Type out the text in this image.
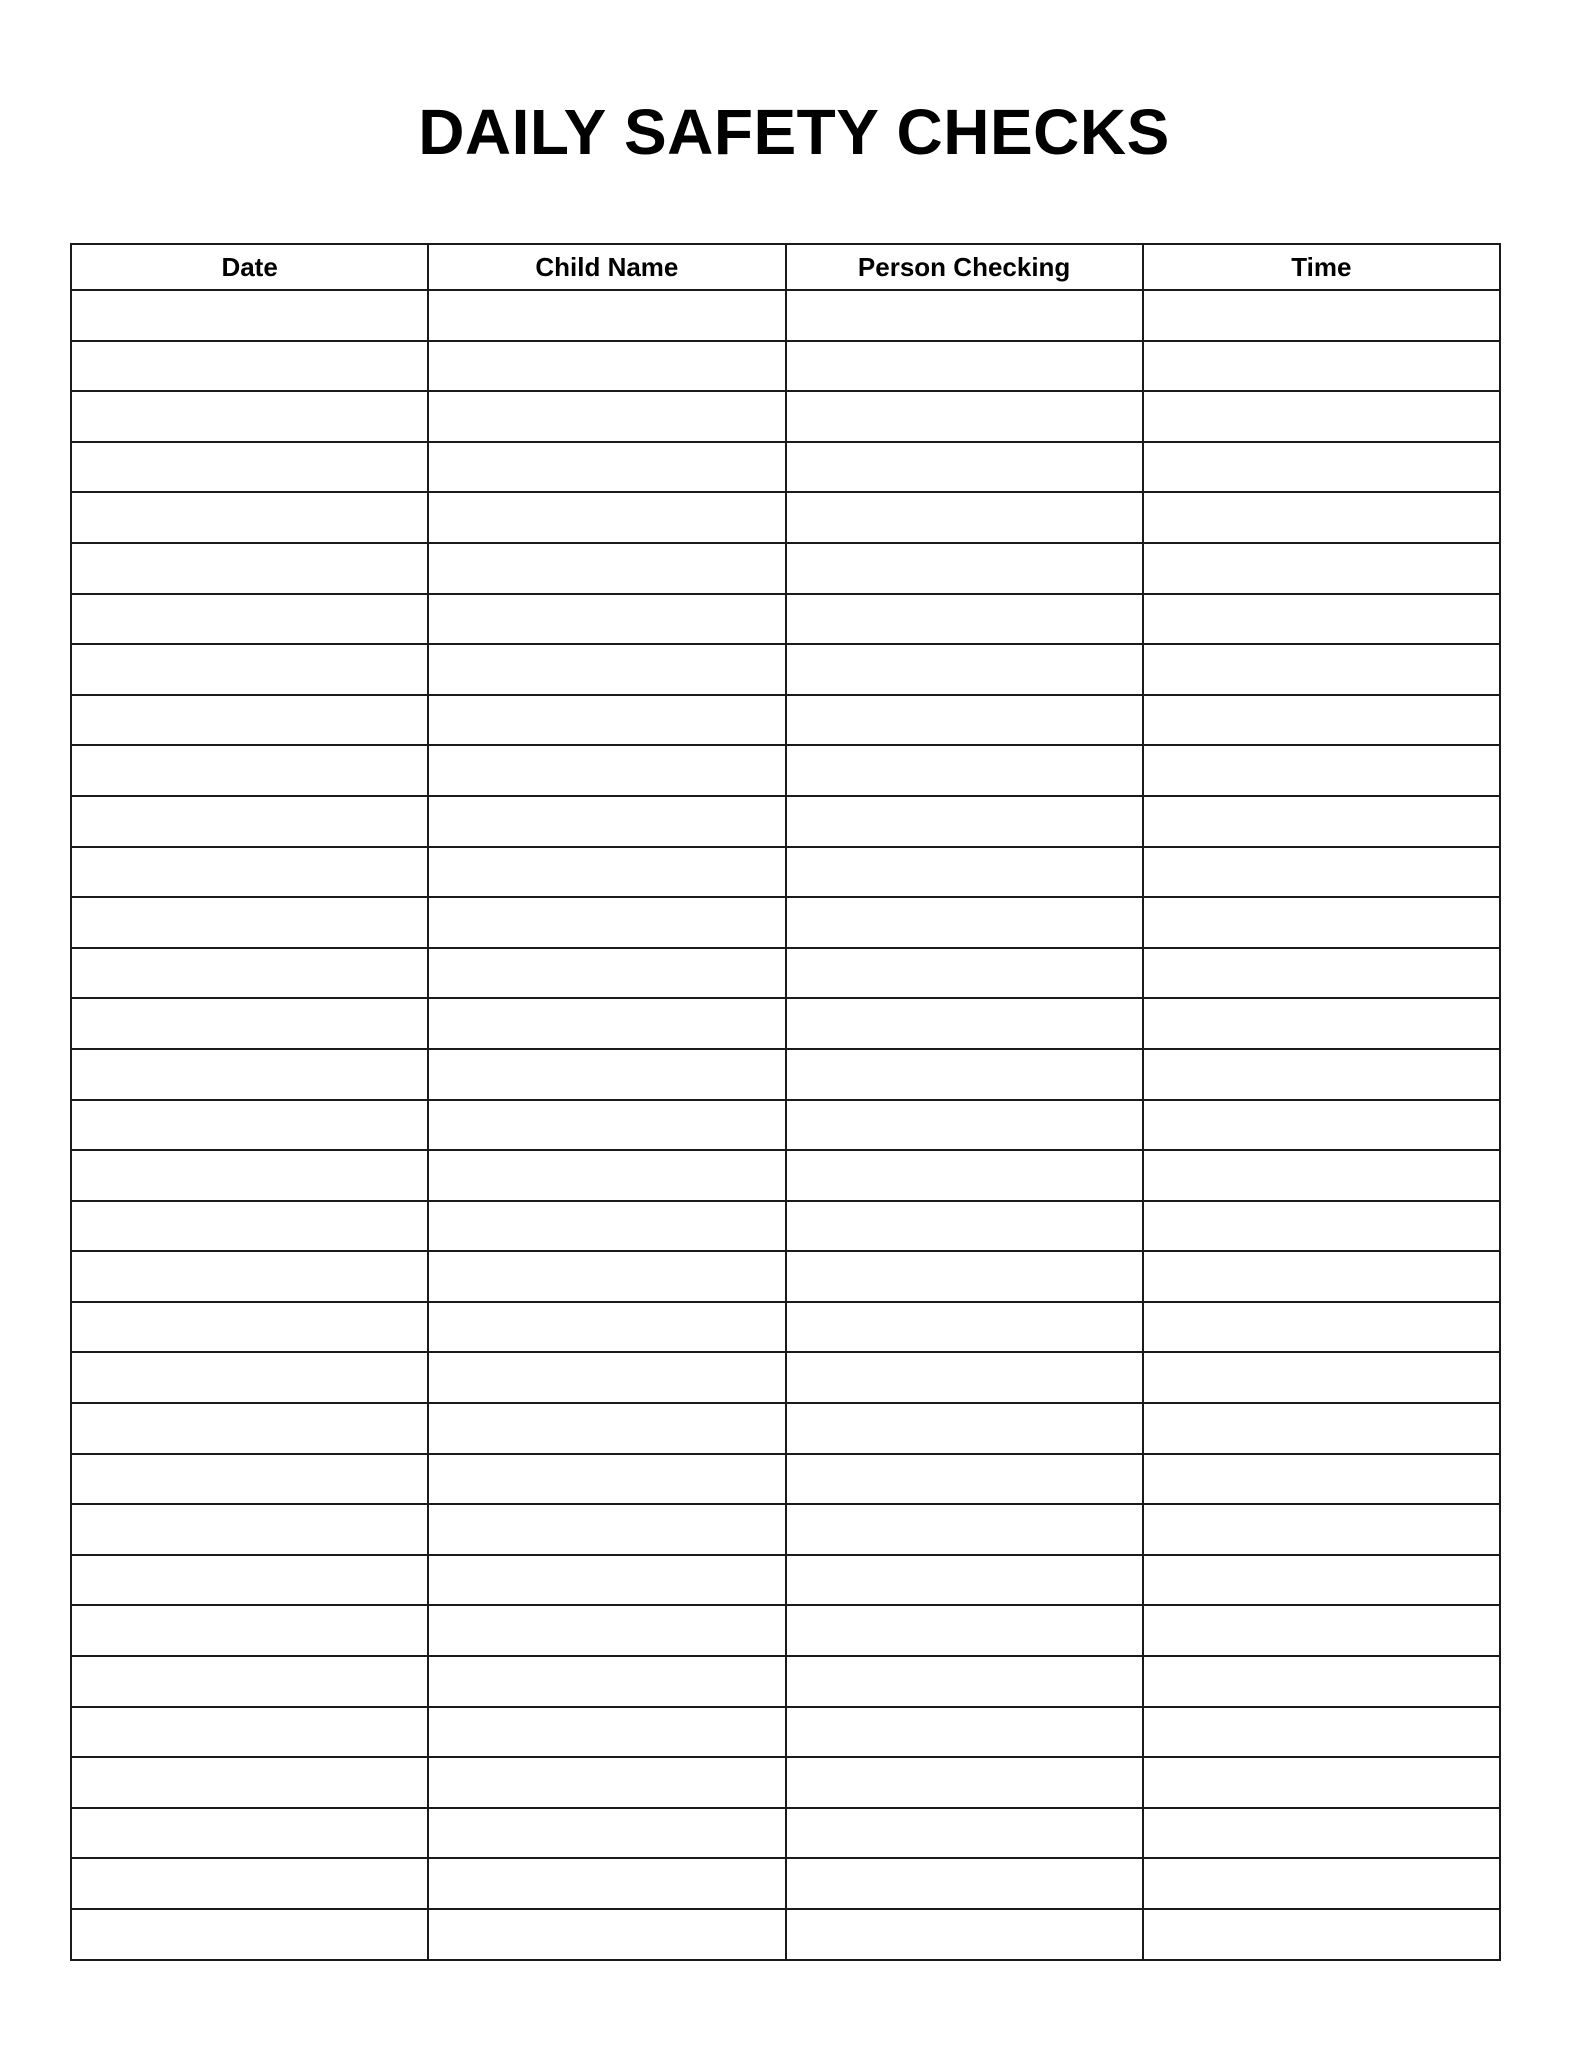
DAILY SAFETY CHECKS
Date	Child Name	Person Checking	Time
